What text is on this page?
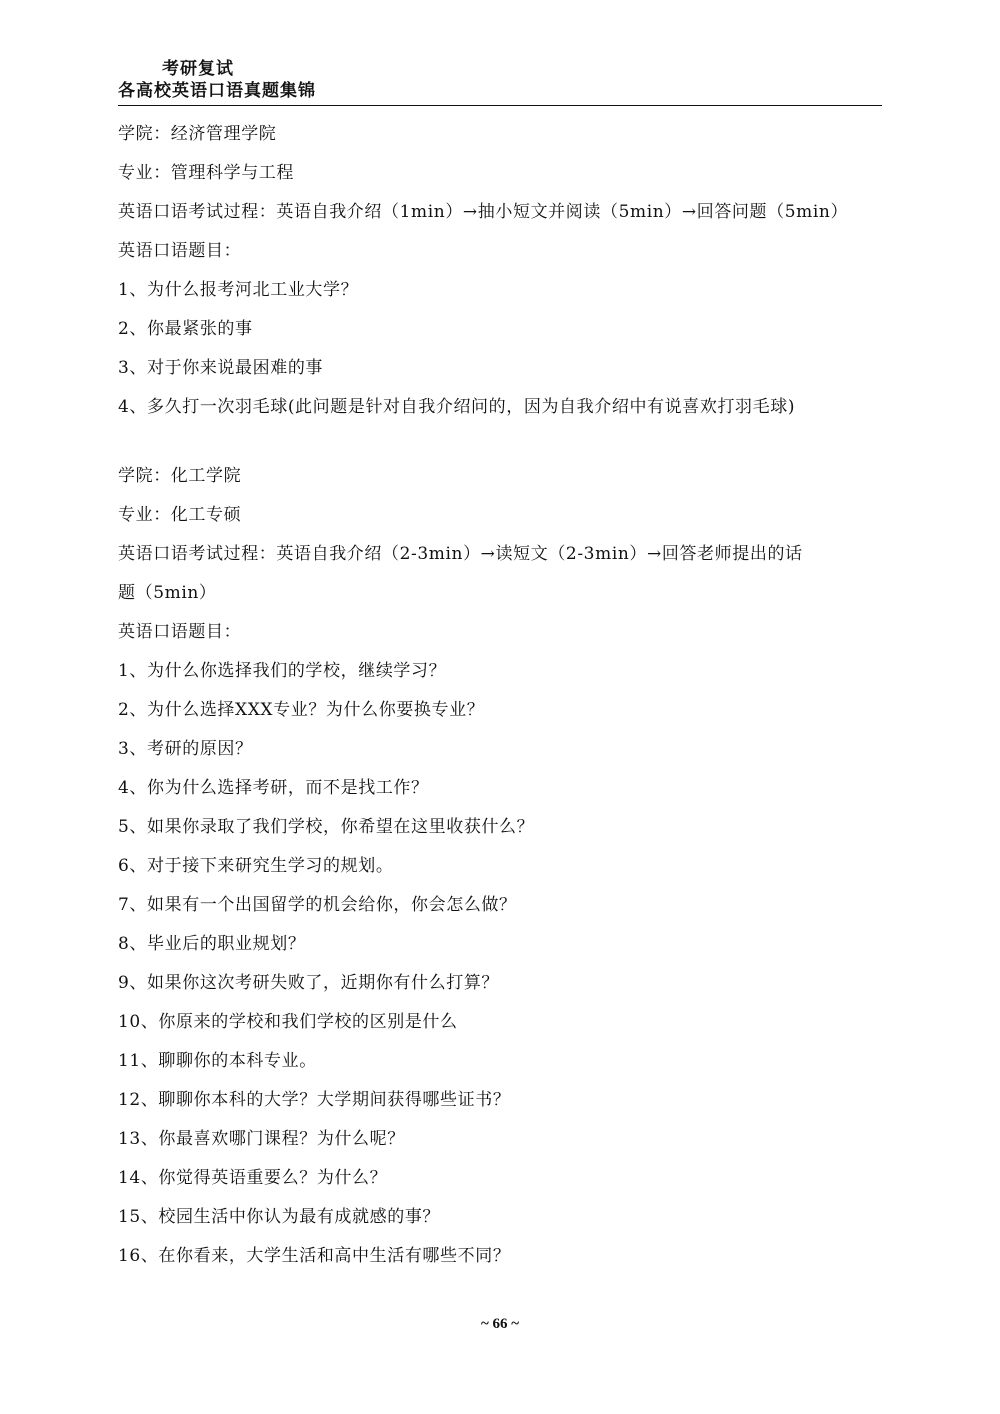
考研复试
各高校英语口语真题集锦
学院：经济管理学院
专业：管理科学与工程
英语口语考试过程：英语自我介绍（1min）→抽小短文并阅读（5min）→回答问题（5min）
英语口语题目：
1、为什么报考河北工业大学？
2、你最紧张的事
3、对于你来说最困难的事
4、多久打一次羽毛球(此问题是针对自我介绍问的，因为自我介绍中有说喜欢打羽毛球)
学院：化工学院
专业：化工专硕
英语口语考试过程：英语自我介绍（2-3min）→读短文（2-3min）→回答老师提出的话
题（5min）
英语口语题目：
1、为什么你选择我们的学校，继续学习？
2、为什么选择XXX专业？为什么你要换专业？
3、考研的原因？
4、你为什么选择考研，而不是找工作？
5、如果你录取了我们学校，你希望在这里收获什么？
6、对于接下来研究生学习的规划。
7、如果有一个出国留学的机会给你，你会怎么做？
8、毕业后的职业规划？
9、如果你这次考研失败了，近期你有什么打算？
10、你原来的学校和我们学校的区别是什么
11、聊聊你的本科专业。
12、聊聊你本科的大学？大学期间获得哪些证书？
13、你最喜欢哪门课程？为什么呢？
14、你觉得英语重要么？为什么？
15、校园生活中你认为最有成就感的事？
16、在你看来，大学生活和高中生活有哪些不同？
~ 66 ~
